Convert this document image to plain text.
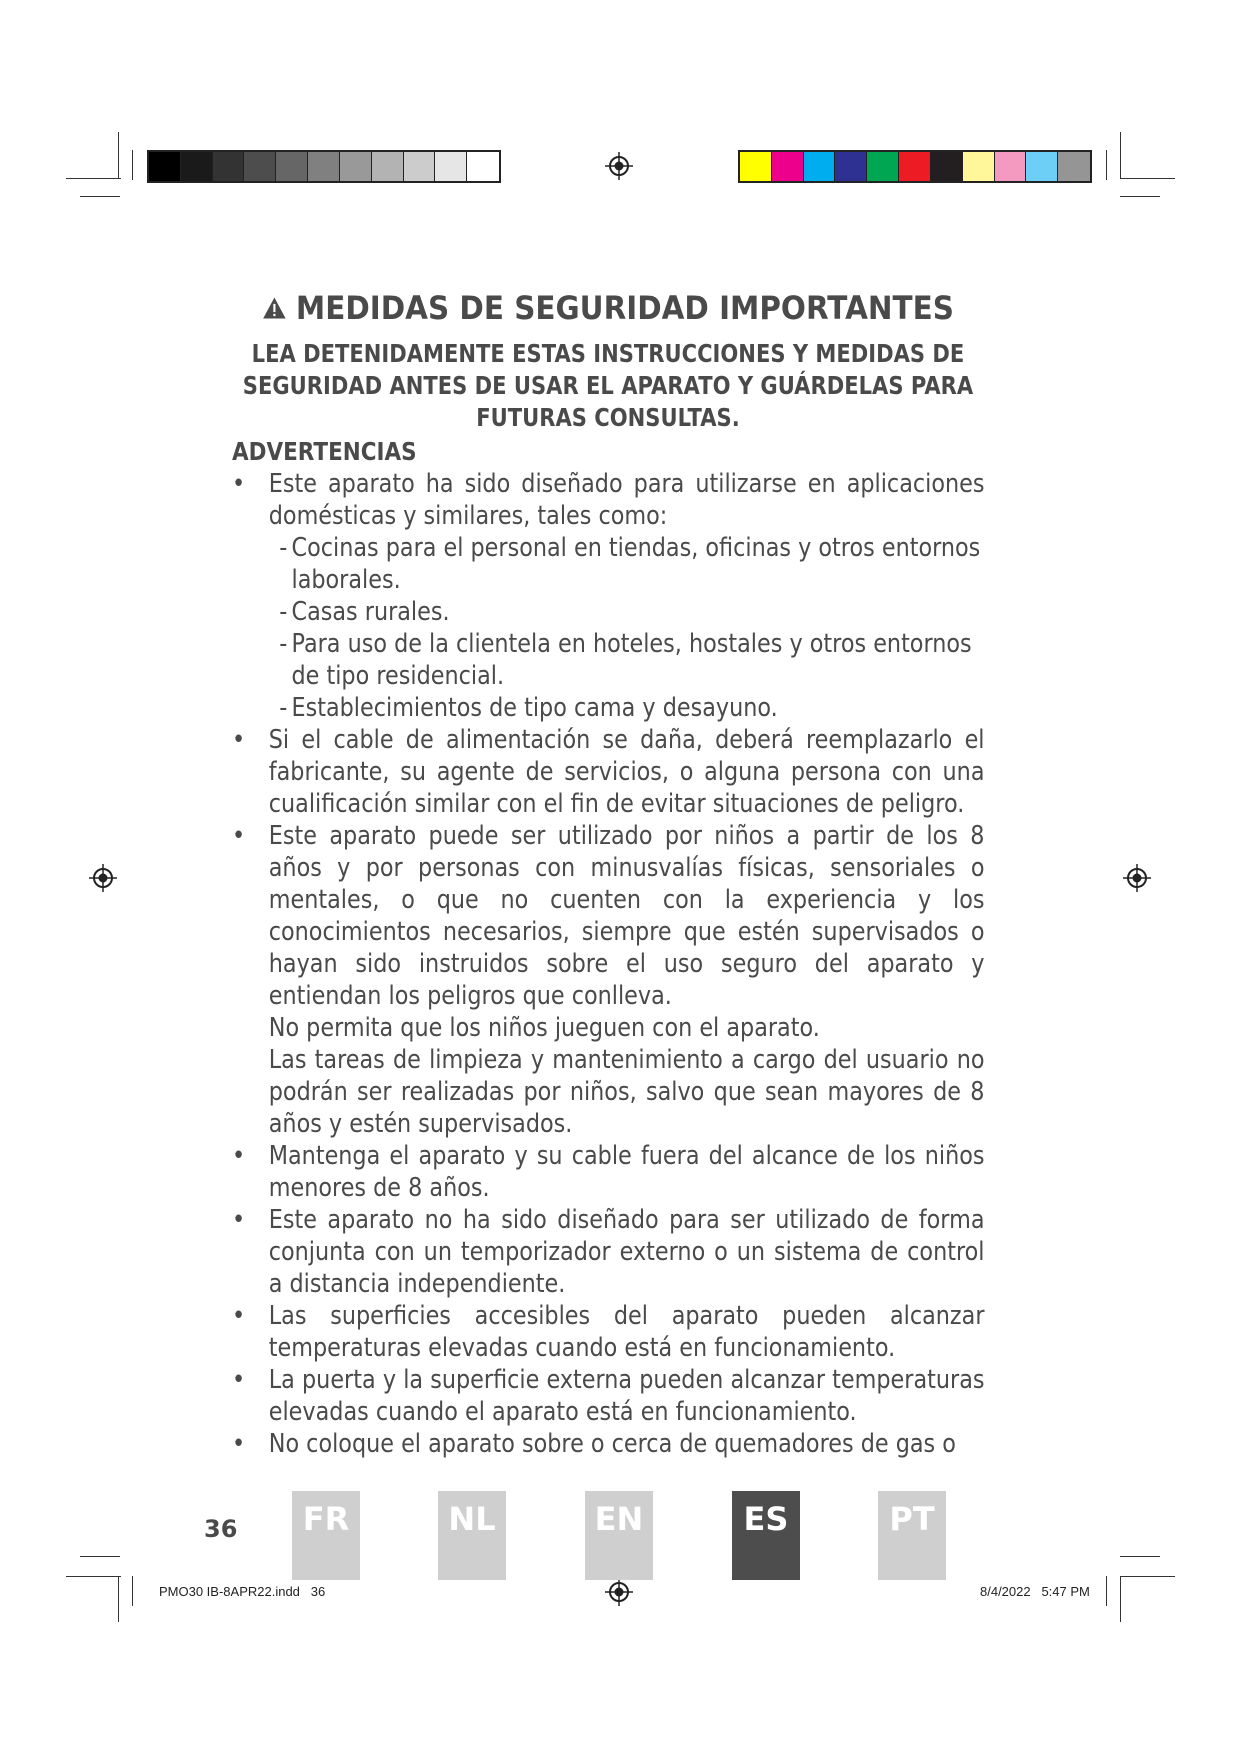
MEDIDAS DE SEGURIDAD IMPORTANTES

LEA DETENIDAMENTE ESTAS INSTRUCCIONES Y MEDIDAS DE
SEGURIDAD ANTES DE USAR EL APARATO Y GUÁRDELAS PARA
FUTURAS CONSULTAS.

ADVERTENCIAS
• Este aparato ha sido diseñado para utilizarse en aplicaciones domésticas y similares, tales como:
- Cocinas para el personal en tiendas, oficinas y otros entornos laborales.
- Casas rurales.
- Para uso de la clientela en hoteles, hostales y otros entornos de tipo residencial.
- Establecimientos de tipo cama y desayuno.
• Si el cable de alimentación se daña, deberá reemplazarlo el fabricante, su agente de servicios, o alguna persona con una cualificación similar con el fin de evitar situaciones de peligro.
• Este aparato puede ser utilizado por niños a partir de los 8 años y por personas con minusvalías físicas, sensoriales o mentales, o que no cuenten con la experiencia y los conocimientos necesarios, siempre que estén supervisados o hayan sido instruidos sobre el uso seguro del aparato y entiendan los peligros que conlleva.
No permita que los niños jueguen con el aparato.
Las tareas de limpieza y mantenimiento a cargo del usuario no podrán ser realizadas por niños, salvo que sean mayores de 8 años y estén supervisados.
• Mantenga el aparato y su cable fuera del alcance de los niños menores de 8 años.
• Este aparato no ha sido diseñado para ser utilizado de forma conjunta con un temporizador externo o un sistema de control a distancia independiente.
• Las superficies accesibles del aparato pueden alcanzar temperaturas elevadas cuando está en funcionamiento.
• La puerta y la superficie externa pueden alcanzar temperaturas elevadas cuando el aparato está en funcionamiento.
• No coloque el aparato sobre o cerca de quemadores de gas o
36	FR	NL	EN	ES	PT
PMO30 IB-8APR22.indd   36	8/4/2022   5:47 PM
